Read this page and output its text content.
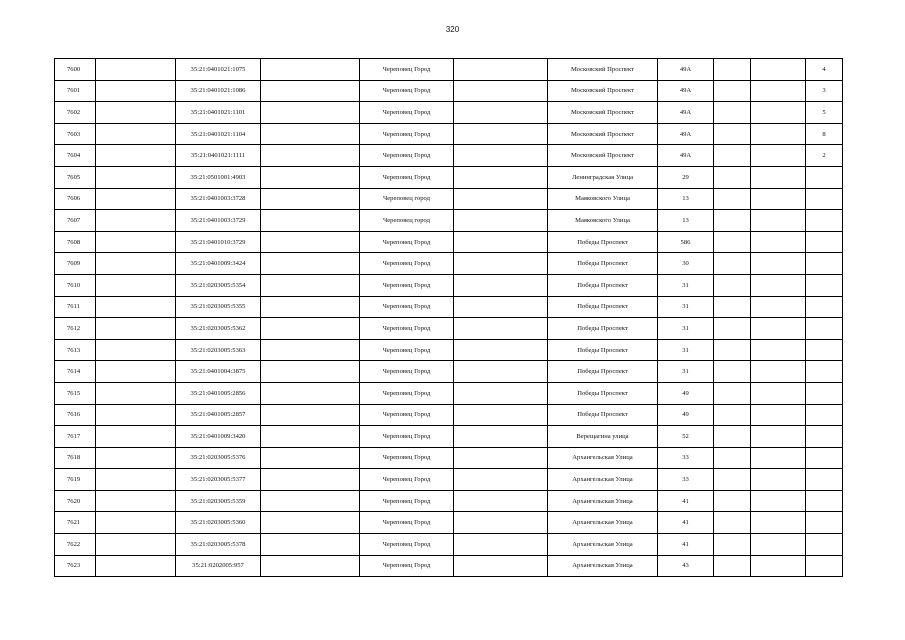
320
7600		35:21:0401021:1075		Череповец Город		Московский Проспект	49А			4
7601		35:21:0401021:1086		Череповец Город		Московский Проспект	49А			3
7602		35:21:0401021:1101		Череповец Город		Московский Проспект	49А			5
7603		35:21:0401021:1104		Череповец Город		Московский Проспект	49А			8
7604		35:21:0401021:1111		Череповец Город		Московский Проспект	49А			2
7605		35:21:0501001:4903		Череповец Город		Ленинградская Улица	29			
7606		35:21:0401003:3728		Череповец город		Маяковского Улица	13			
7607		35:21:0401003:3729		Череповец город		Маяковского Улица	13			
7608		35:21:0401010:3729		Череповец Город		Победы Проспект	586			
7609		35:21:0401009:3424		Череповец Город		Победы Проспект	30			
7610		35:21:0203005:5354		Череповец Город		Победы Проспект	31			
7611		35:21:0203005:5355		Череповец Город		Победы Проспект	31			
7612		35:21:0203005:5362		Череповец Город		Победы Проспект	31			
7613		35:21:0203005:5363		Череповец Город		Победы Проспект	31			
7614		35:21:0401004:3875		Череповец Город		Победы Проспект	31			
7615		35:21:0401005:2856		Череповец Город		Победы Проспект	49			
7616		35:21:0401005:2857		Череповец Город		Победы Проспект	49			
7617		35:21:0401009:3420		Череповец Город		Верещагина улица	52			
7618		35:21:0203005:5376		Череповец Город		Архангельская Улица	33			
7619		35:21:0203005:5377		Череповец Город		Архангельская Улица	33			
7620		35:21:0203005:5359		Череповец Город		Архангельская Улица	41			
7621		35:21:0203005:5360		Череповец Город		Архангельская Улица	41			
7622		35:21:0203005:5378		Череповец Город		Архангельская Улица	41			
7623		35:21:0202005:957		Череповец Город		Архангельская Улица	43			
